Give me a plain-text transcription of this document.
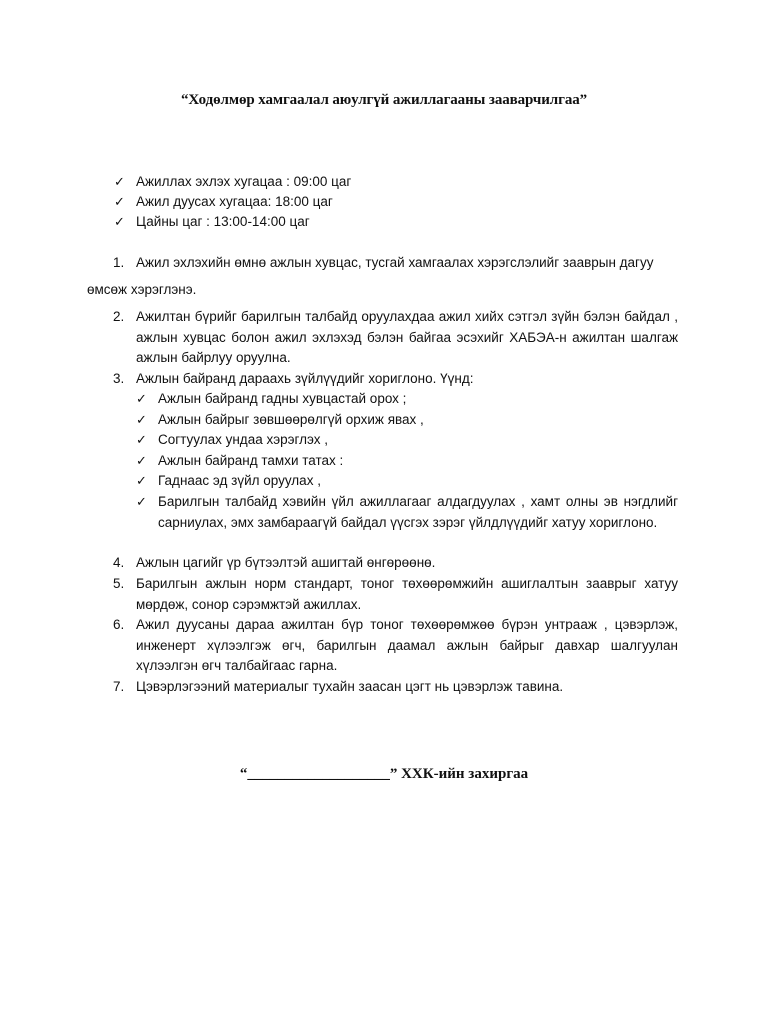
“Ходөлмөр хамгаалал аюулгүй ажиллагааны зааварчилгаа”
✓ Ажиллах эхлэх хугацаа : 09:00 цаг
✓ Ажил дуусах хугацаа: 18:00 цаг
✓ Цайны цаг : 13:00-14:00 цаг
1. Ажил эхлэхийн өмнө ажлын хувцас, тусгай хамгаалах хэрэгслэлийг зааврын дагуу
өмсөж хэрэглэнэ.
2. Ажилтан бүрийг барилгын талбайд оруулахдаа ажил хийх сэтгэл зүйн бэлэн байдал , ажлын хувцас болон ажил эхлэхэд бэлэн байгаа эсэхийг ХАБЭА-н ажилтан шалгаж ажлын байрлуу оруулна.
3. Ажлын байранд дараахь зүйлүүдийг хориглоно. Үүнд:
✓ Ажлын байранд гадны хувцастай орох ;
✓ Ажлын байрыг зөвшөөрөлгүй орхиж явах ,
✓ Согтуулах ундаа хэрэглэх ,
✓ Ажлын байранд тамхи татах :
✓ Гаднаас эд зүйл оруулах ,
✓ Барилгын талбайд хэвийн үйл ажиллагааг алдагдуулах , хамт олны эв нэгдлийг сарниулах, эмх замбараагүй байдал үүсгэх зэрэг үйлдлүүдийг хатуу хориглоно.
4. Ажлын цагийг үр бүтээлтэй ашигтай өнгөрөөнө.
5. Барилгын ажлын норм стандарт, тоног төхөөрөмжийн ашиглалтын зааврыг хатуу мөрдөж, сонор сэрэмжтэй ажиллах.
6. Ажил дуусаны дараа ажилтан бүр тоног төхөөрөмжөө бүрэн унтрааж , цэвэрлэж, инженерт хүлээлгэж өгч, барилгын даамал ажлын байрыг давхар шалгуулан хүлээлгэн өгч талбайгаас гарна.
7. Цэвэрлэгээний материалыг тухайн заасан цэгт нь цэвэрлэж тавина.
“___________________” ХХК-ийн захиргаа
